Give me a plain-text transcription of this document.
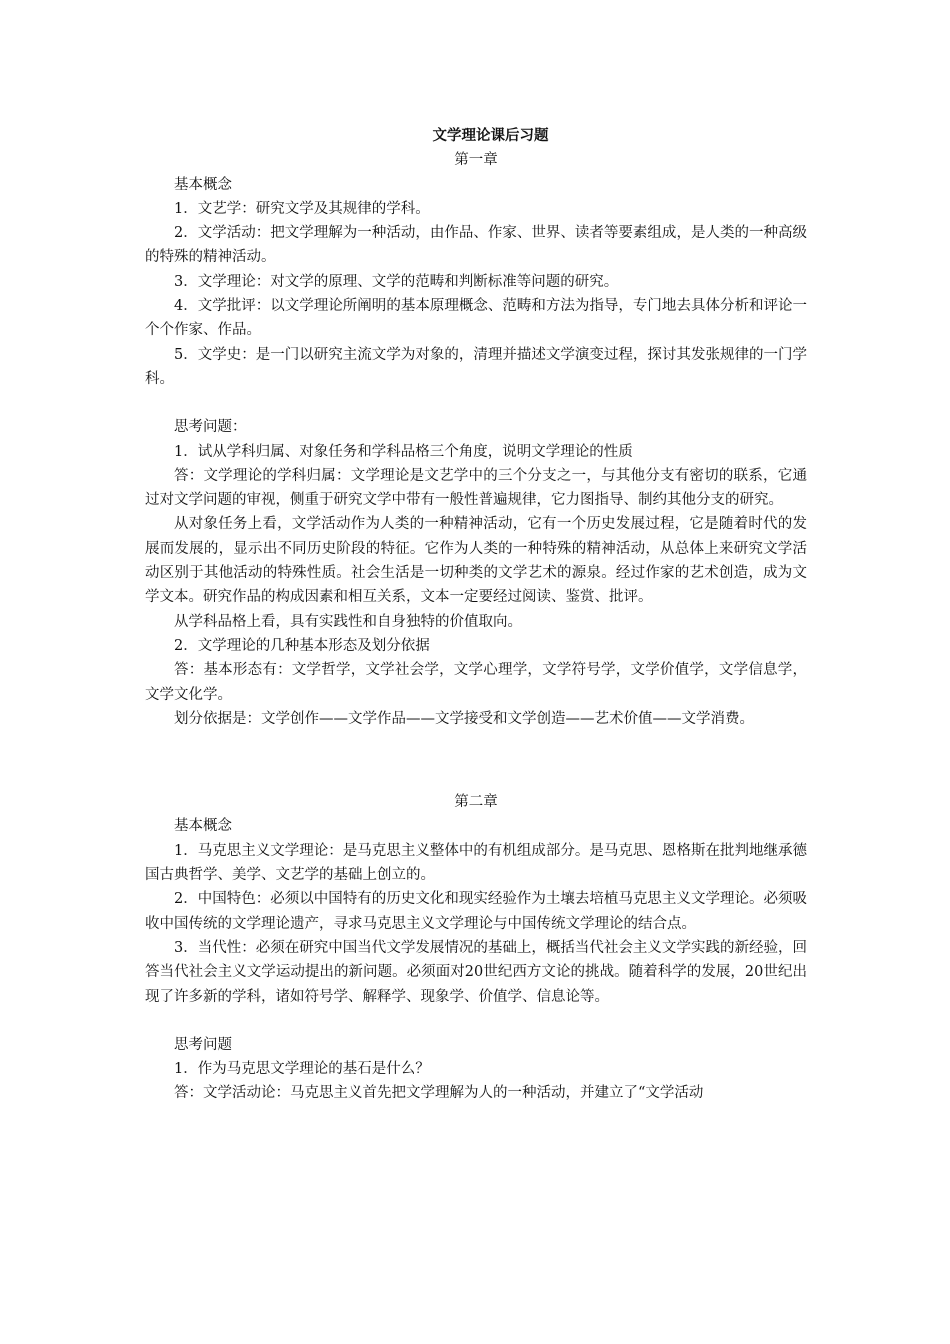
文学理论课后习题

第一章

基本概念

1．文艺学：研究文学及其规律的学科。

2．文学活动：把文学理解为一种活动，由作品、作家、世界、读者等要素组成，是人类的一种高级的特殊的精神活动。

3．文学理论：对文学的原理、文学的范畴和判断标准等问题的研究。

4．文学批评：以文学理论所阐明的基本原理概念、范畴和方法为指导，专门地去具体分析和评论一个个作家、作品。

5．文学史：是一门以研究主流文学为对象的，清理并描述文学演变过程，探讨其发张规律的一门学科。

思考问题：

1．试从学科归属、对象任务和学科品格三个角度，说明文学理论的性质

答：文学理论的学科归属：文学理论是文艺学中的三个分支之一，与其他分支有密切的联系，它通过对文学问题的审视，侧重于研究文学中带有一般性普遍规律，它力图指导、制约其他分支的研究。

从对象任务上看，文学活动作为人类的一种精神活动，它有一个历史发展过程，它是随着时代的发展而发展的，显示出不同历史阶段的特征。它作为人类的一种特殊的精神活动，从总体上来研究文学活动区别于其他活动的特殊性质。社会生活是一切种类的文学艺术的源泉。经过作家的艺术创造，成为文学文本。研究作品的构成因素和相互关系，文本一定要经过阅读、鉴赏、批评。

从学科品格上看，具有实践性和自身独特的价值取向。

2．文学理论的几种基本形态及划分依据

答：基本形态有：文学哲学，文学社会学，文学心理学，文学符号学，文学价值学，文学信息学，文学文化学。

划分依据是：文学创作——文学作品——文学接受和文学创造——艺术价值——文学消费。

第二章

基本概念

1．马克思主义文学理论：是马克思主义整体中的有机组成部分。是马克思、恩格斯在批判地继承德国古典哲学、美学、文艺学的基础上创立的。

2．中国特色：必须以中国特有的历史文化和现实经验作为土壤去培植马克思主义文学理论。必须吸收中国传统的文学理论遗产，寻求马克思主义文学理论与中国传统文学理论的结合点。

3．当代性：必须在研究中国当代文学发展情况的基础上，概括当代社会主义文学实践的新经验，回答当代社会主义文学运动提出的新问题。必须面对20世纪西方文论的挑战。随着科学的发展，20世纪出现了许多新的学科，诸如符号学、解释学、现象学、价值学、信息论等。

思考问题

1．作为马克思文学理论的基石是什么？

答：文学活动论：马克思主义首先把文学理解为人的一种活动，并建立了“文学活动
